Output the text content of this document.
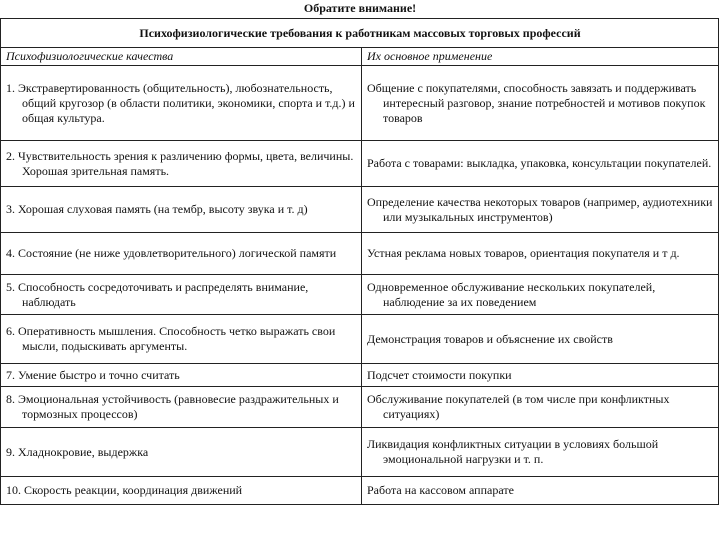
Обратите внимание!
Психофизиологические требования к работникам массовых торговых профессий	
Психофизиологические качества	Их основное применение

1. Экстравертированность (общительность), любознательность, общий кругозор (в области политики, экономики, спорта и т.д.) и общая культура.	Общение с покупателями, способность завязать и поддерживать интересный разговор, знание потребностей и мотивов покупок товаров

2. Чувствительность зрения к различению формы, цвета, величины. Хорошая зрительная память.	Работа с товарами: выкладка, упаковка, консультации покупателей.

3. Хорошая слуховая память (на тембр, высоту звука и т. д)	Определение качества некоторых товаров (например, аудиотехники или музыкальных инструментов)

4. Состояние (не ниже удовлетворительного) логической памяти	Устная реклама новых товаров, ориентация покупателя и т д.

5. Способность сосредоточивать и распределять внимание, наблюдать	Одновременное обслуживание нескольких покупателей, наблюдение за их поведением

6. Оперативность мышления. Способность четко выражать свои мысли, подыскивать аргументы.	Демонстрация товаров и объяснение их свойств

7. Умение быстро и точно считать	Подсчет стоимости покупки

8. Эмоциональная устойчивость (равновесие раздражительных и тормозных процессов)	Обслуживание покупателей (в том числе при конфликтных ситуациях)

9. Хладнокровие, выдержка	Ликвидация конфликтных ситуации в условиях большой эмоциональной нагрузки и т. п.

10. Скорость реакции, координация движений	Работа на кассовом аппарате
